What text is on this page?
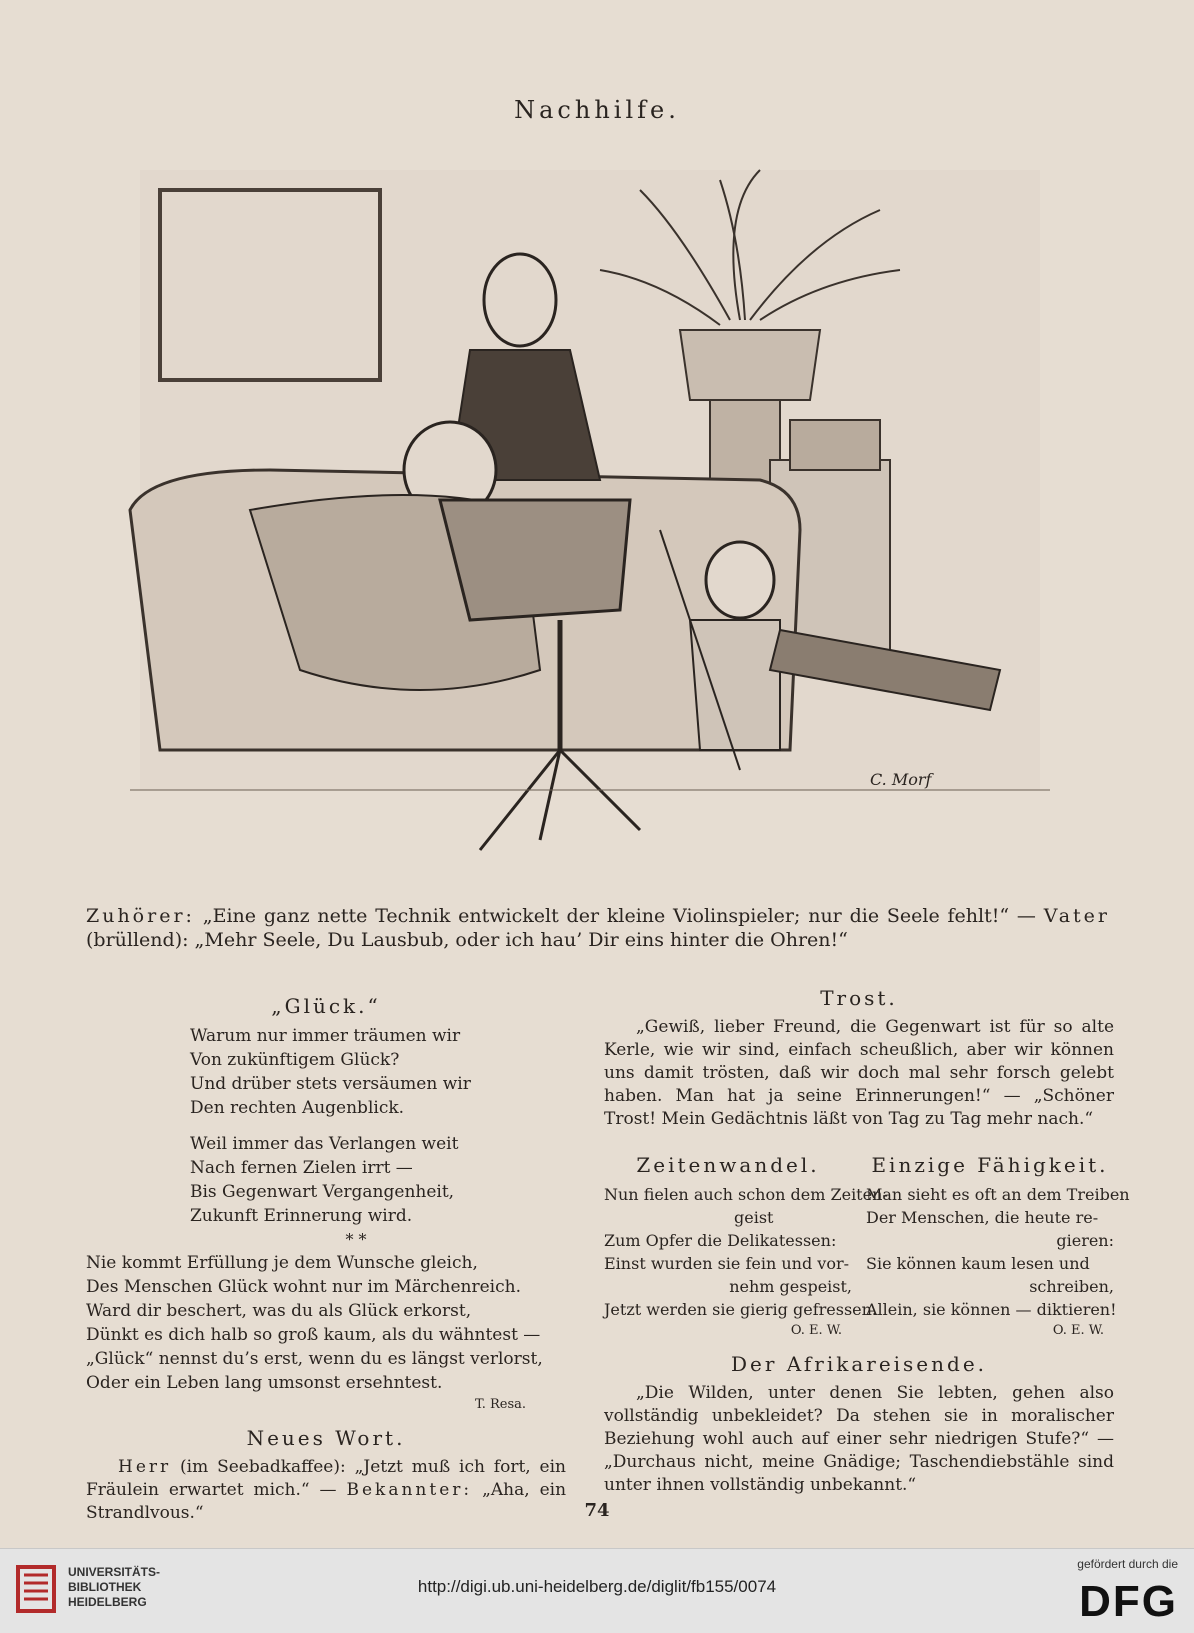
Nachhilfe.
C. Morf
Zuhörer: „Eine ganz nette Technik entwickelt der kleine Violinspieler; nur die Seele fehlt!“ — Vater (brüllend): „Mehr Seele, Du Lausbub, oder ich hau’ Dir eins hinter die Ohren!“
„Glück.“
Warum nur immer träumen wir
Von zukünftigem Glück?
Und drüber stets versäumen wir
Den rechten Augenblick.
Weil immer das Verlangen weit
Nach fernen Zielen irrt —
Bis Gegenwart Vergangenheit,
Zukunft Erinnerung wird.
* *
Nie kommt Erfüllung je dem Wunsche gleich,
Des Menschen Glück wohnt nur im Märchenreich.
Ward dir beschert, was du als Glück erkorst,
Dünkt es dich halb so groß kaum, als du wähntest —
„Glück“ nennst du’s erst, wenn du es längst verlorst,
Oder ein Leben lang umsonst ersehntest.
T. Resa.
Neues Wort.
Herr (im Seebadkaffee): „Jetzt muß ich fort, ein Fräulein erwartet mich.“ — Bekannter: „Aha, ein Strandlvous.“
Trost.
„Gewiß, lieber Freund, die Gegenwart ist für so alte Kerle, wie wir sind, einfach scheußlich, aber wir können uns damit trösten, daß wir doch mal sehr forsch gelebt haben. Man hat ja seine Erinnerungen!“ — „Schöner Trost! Mein Gedächtnis läßt von Tag zu Tag mehr nach.“
Zeitenwandel.
Nun fielen auch schon dem Zeiten-
geist
Zum Opfer die Delikatessen:
Einst wurden sie fein und vor-
nehm gespeist,
Jetzt werden sie gierig gefressen.
O. E. W.
Einzige Fähigkeit.
Man sieht es oft an dem Treiben
Der Menschen, die heute re-
gieren:
Sie können kaum lesen und
schreiben,
Allein, sie können — diktieren!
O. E. W.
Der Afrikareisende.
„Die Wilden, unter denen Sie lebten, gehen also vollständig unbekleidet? Da stehen sie in moralischer Beziehung wohl auch auf einer sehr niedrigen Stufe?“ — „Durchaus nicht, meine Gnädige; Taschendiebstähle sind unter ihnen vollständig unbekannt.“
74
UNIVERSITÄTS-
BIBLIOTHEK
HEIDELBERG
http://digi.ub.uni-heidelberg.de/diglit/fb155/0074
gefördert durch die
DFG
